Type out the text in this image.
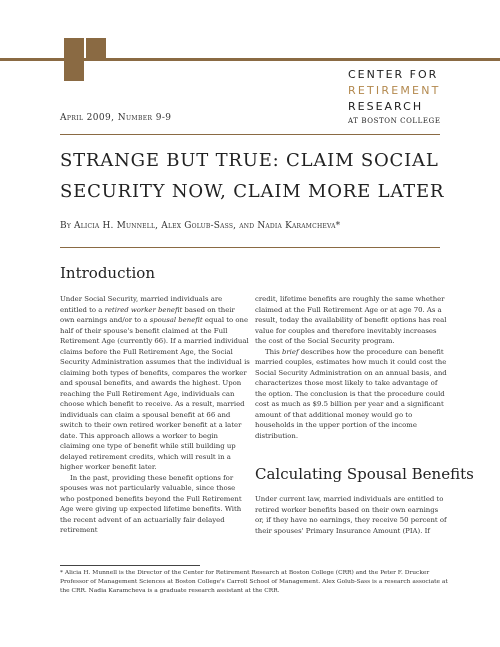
CENTER FOR
RETIREMENT
RESEARCH
AT BOSTON COLLEGE
April 2009, Number 9-9
STRANGE BUT TRUE: CLAIM SOCIAL SECURITY NOW, CLAIM MORE LATER
By Alicia H. Munnell, Alex Golub-Sass, and Nadia Karamcheva*
Introduction

Under Social Security, married individuals are entitled to a retired worker benefit based on their own earnings and/or to a spousal benefit equal to one half of their spouse's benefit claimed at the Full Retirement Age (currently 66). If a married individual claims before the Full Retirement Age, the Social Security Administration assumes that the individual is claiming both types of benefits, compares the worker and spousal benefits, and awards the highest. Upon reaching the Full Retirement Age, individuals can choose which benefit to receive. As a result, married individuals can claim a spousal benefit at 66 and switch to their own retired worker benefit at a later date. This approach allows a worker to begin claiming one type of benefit while still building up delayed retirement credits, which will result in a higher worker benefit later.

In the past, providing these benefit options for spouses was not particularly valuable, since those who postponed benefits beyond the Full Retirement Age were giving up expected lifetime benefits. With the recent advent of an actuarially fair delayed retirement

credit, lifetime benefits are roughly the same whether claimed at the Full Retirement Age or at age 70. As a result, today the availability of benefit options has real value for couples and therefore inevitably increases the cost of the Social Security program.

This brief describes how the procedure can benefit married couples, estimates how much it could cost the Social Security Administration on an annual basis, and characterizes those most likely to take advantage of the option. The conclusion is that the procedure could cost as much as $9.5 billion per year and a significant amount of that additional money would go to households in the upper portion of the income distribution.

Calculating Spousal Benefits

Under current law, married individuals are entitled to retired worker benefits based on their own earnings or, if they have no earnings, they receive 50 percent of their spouses' Primary Insurance Amount (PIA). If

* Alicia H. Munnell is the Director of the Center for Retirement Research at Boston College (CRR) and the Peter F. Drucker Professor of Management Sciences at Boston College's Carroll School of Management. Alex Golub-Sass is a research associate at the CRR. Nadia Karamcheva is a graduate research assistant at the CRR.
